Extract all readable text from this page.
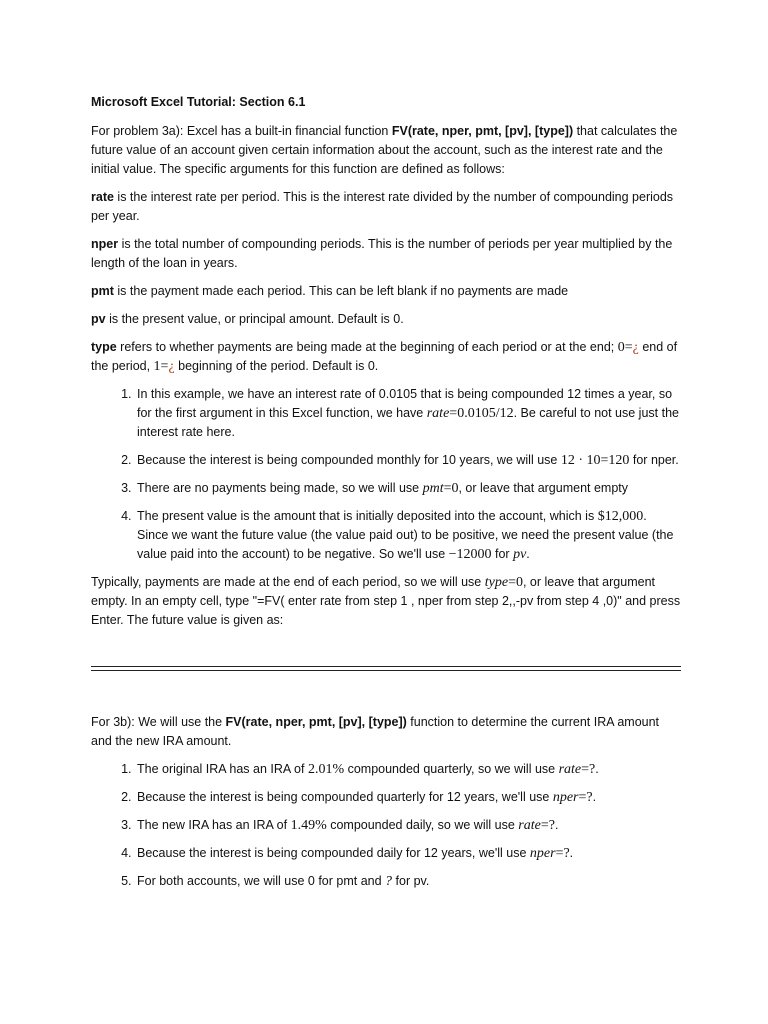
Microsoft Excel Tutorial: Section 6.1

For problem 3a): Excel has a built-in financial function FV(rate, nper, pmt, [pv], [type]) that calculates the future value of an account given certain information about the account, such as the interest rate and the initial value. The specific arguments for this function are defined as follows:

rate is the interest rate per period. This is the interest rate divided by the number of compounding periods per year.

nper is the total number of compounding periods. This is the number of periods per year multiplied by the length of the loan in years.

pmt is the payment made each period. This can be left blank if no payments are made

pv is the present value, or principal amount. Default is 0.

type refers to whether payments are being made at the beginning of each period or at the end; 0=¿ end of the period, 1=¿ beginning of the period. Default is 0.

1. In this example, we have an interest rate of 0.0105 that is being compounded 12 times a year, so for the first argument in this Excel function, we have rate=0.0105/12. Be careful to not use just the interest rate here.
2. Because the interest is being compounded monthly for 10 years, we will use 12 · 10=120 for nper.
3. There are no payments being made, so we will use pmt=0, or leave that argument empty
4. The present value is the amount that is initially deposited into the account, which is $12,000. Since we want the future value (the value paid out) to be positive, we need the present value (the value paid into the account) to be negative. So we'll use −12000 for pv.

Typically, payments are made at the end of each period, so we will use type=0, or leave that argument empty. In an empty cell, type "=FV( enter rate from step 1 , nper from step 2,,-pv from step 4 ,0)" and press Enter. The future value is given as:

For 3b): We will use the FV(rate, nper, pmt, [pv], [type]) function to determine the current IRA amount and the new IRA amount.

1. The original IRA has an IRA of 2.01% compounded quarterly, so we will use rate=?.
2. Because the interest is being compounded quarterly for 12 years, we'll use nper=?.
3. The new IRA has an IRA of 1.49% compounded daily, so we will use rate=?.
4. Because the interest is being compounded daily for 12 years, we'll use nper=?.
5. For both accounts, we will use 0 for pmt and ? for pv.
